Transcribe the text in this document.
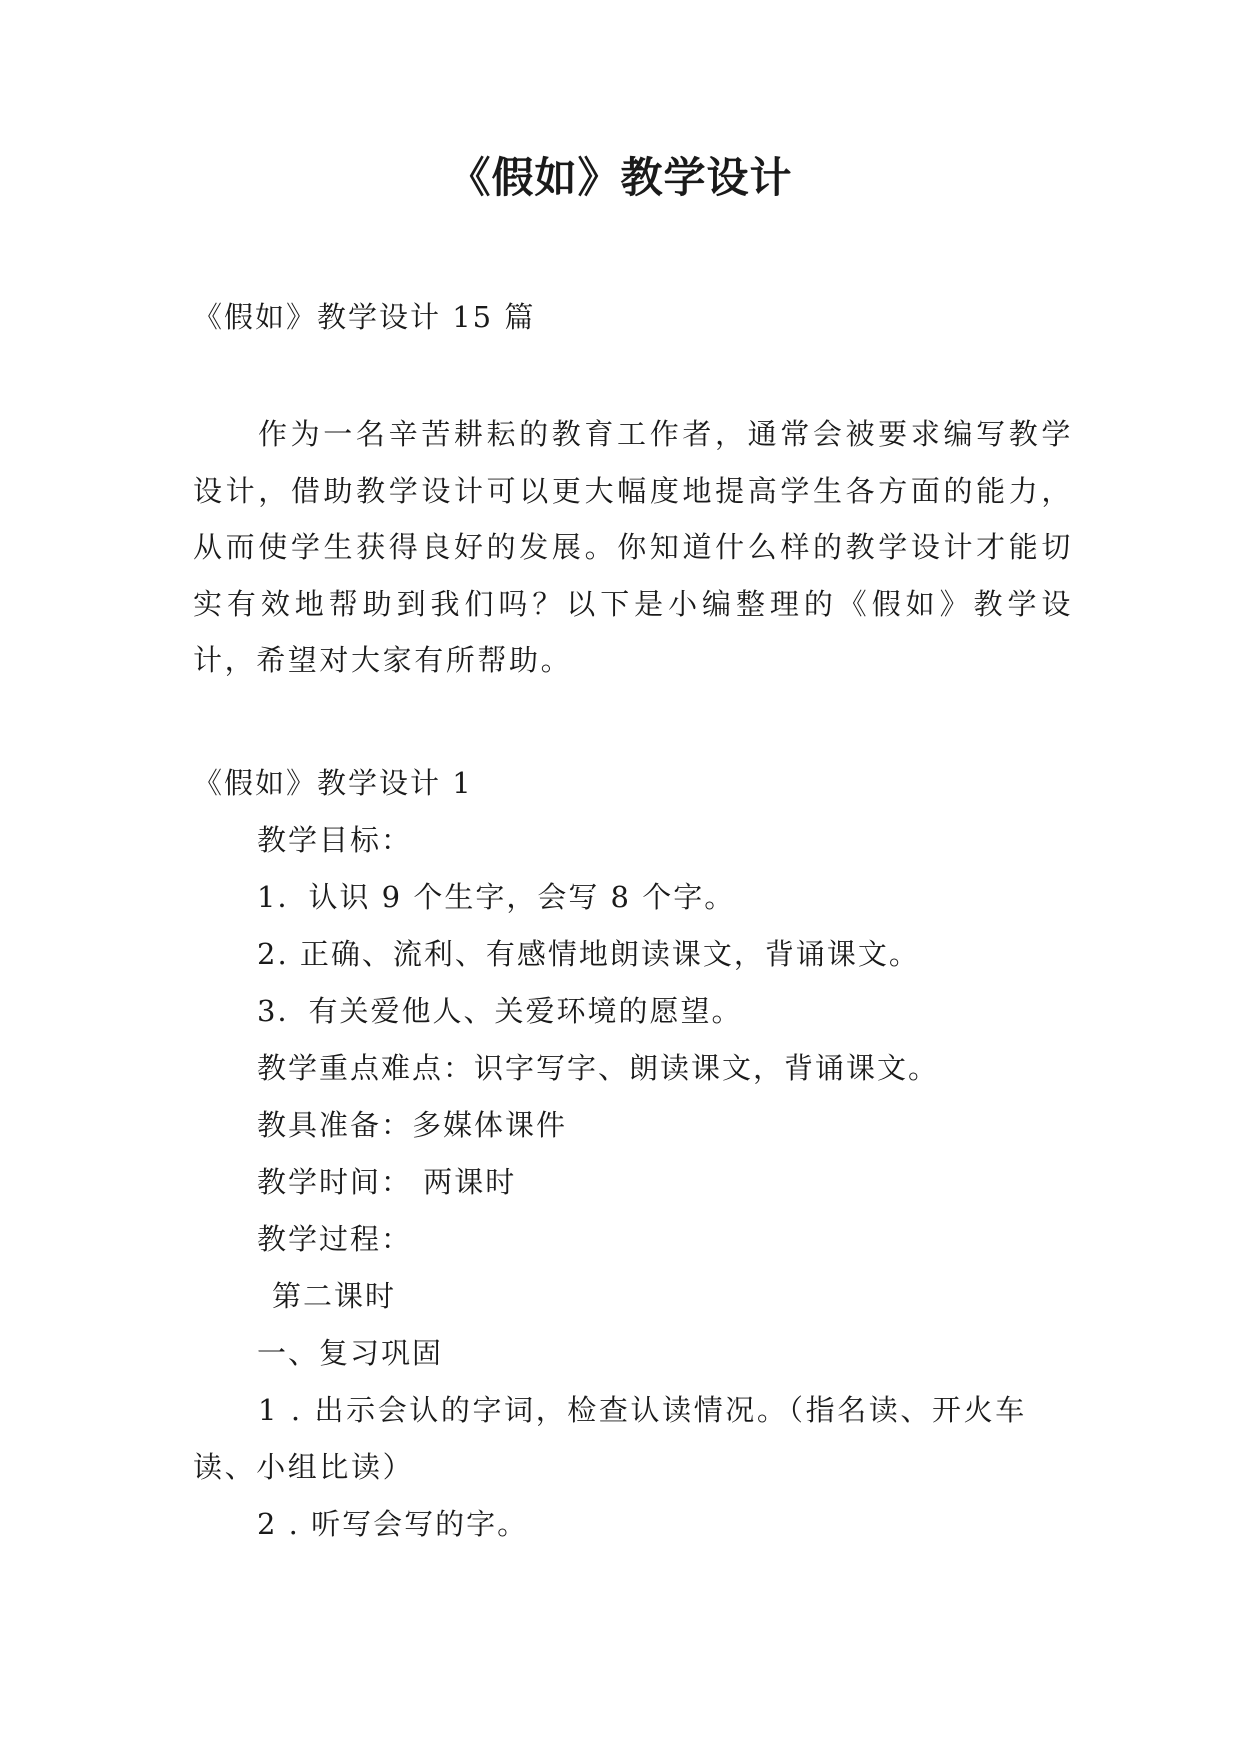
《假如》教学设计
《假如》教学设计 15 篇
作为一名辛苦耕耘的教育工作者，通常会被要求编写教学设计，借助教学设计可以更大幅度地提高学生各方面的能力，从而使学生获得良好的发展。你知道什么样的教学设计才能切实有效地帮助到我们吗？以下是小编整理的《假如》教学设计，希望对大家有所帮助。
《假如》教学设计 1
教学目标：
1．认识 9 个生字，会写 8 个字。
2. 正确、流利、有感情地朗读课文，背诵课文。
3．有关爱他人、关爱环境的愿望。
教学重点难点：识字写字、朗读课文，背诵课文。
教具准备：多媒体课件
教学时间： 两课时
教学过程：
第二课时
一、复习巩固
1 . 出示会认的字词，检查认读情况。（指名读、开火车读、小组比读）
2 . 听写会写的字。
